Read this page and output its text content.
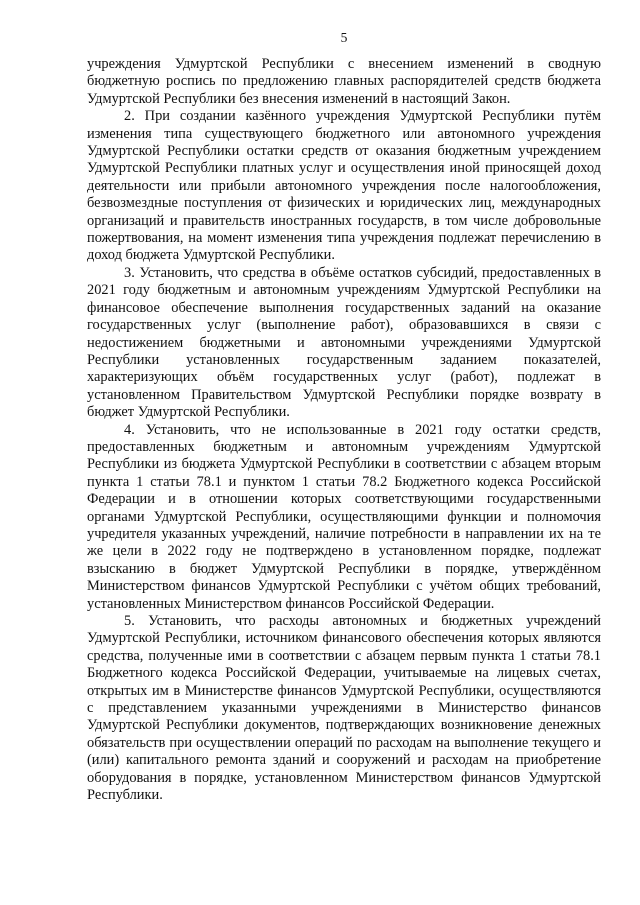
5

учреждения Удмуртской Республики с внесением изменений в сводную бюджетную роспись по предложению главных распорядителей средств бюджета Удмуртской Республики без внесения изменений в настоящий Закон.

2. При создании казённого учреждения Удмуртской Республики путём изменения типа существующего бюджетного или автономного учреждения Удмуртской Республики остатки средств от оказания бюджетным учреждением Удмуртской Республики платных услуг и осуществления иной приносящей доход деятельности или прибыли автономного учреждения после налогообложения, безвозмездные поступления от физических и юридических лиц, международных организаций и правительств иностранных государств, в том числе добровольные пожертвования, на момент изменения типа учреждения подлежат перечислению в доход бюджета Удмуртской Республики.

3. Установить, что средства в объёме остатков субсидий, предоставленных в 2021 году бюджетным и автономным учреждениям Удмуртской Республики на финансовое обеспечение выполнения государственных заданий на оказание государственных услуг (выполнение работ), образовавшихся в связи с недостижением бюджетными и автономными учреждениями Удмуртской Республики установленных государственным заданием показателей, характеризующих объём государственных услуг (работ), подлежат в установленном Правительством Удмуртской Республики порядке возврату в бюджет Удмуртской Республики.

4. Установить, что не использованные в 2021 году остатки средств, предоставленных бюджетным и автономным учреждениям Удмуртской Республики из бюджета Удмуртской Республики в соответствии с абзацем вторым пункта 1 статьи 78.1 и пунктом 1 статьи 78.2 Бюджетного кодекса Российской Федерации и в отношении которых соответствующими государственными органами Удмуртской Республики, осуществляющими функции и полномочия учредителя указанных учреждений, наличие потребности в направлении их на те же цели в 2022 году не подтверждено в установленном порядке, подлежат взысканию в бюджет Удмуртской Республики в порядке, утверждённом Министерством финансов Удмуртской Республики с учётом общих требований, установленных Министерством финансов Российской Федерации.

5. Установить, что расходы автономных и бюджетных учреждений Удмуртской Республики, источником финансового обеспечения которых являются средства, полученные ими в соответствии с абзацем первым пункта 1 статьи 78.1 Бюджетного кодекса Российской Федерации, учитываемые на лицевых счетах, открытых им в Министерстве финансов Удмуртской Республики, осуществляются с представлением указанными учреждениями в Министерство финансов Удмуртской Республики документов, подтверждающих возникновение денежных обязательств при осуществлении операций по расходам на выполнение текущего и (или) капитального ремонта зданий и сооружений и расходам на приобретение оборудования в порядке, установленном Министерством финансов Удмуртской Республики.
